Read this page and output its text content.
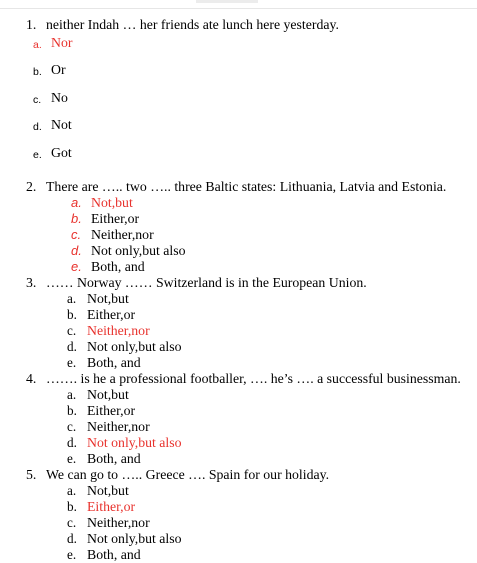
1. neither Indah … her friends ate lunch here yesterday.
a. Nor
b. Or
c. No
d. Not
e. Got
2. There are ….. two ….. three Baltic states: Lithuania, Latvia and Estonia.
a. Not,but
b. Either,or
c. Neither,nor
d. Not only,but also
e. Both, and
3. …… Norway …… Switzerland is in the European Union.
a. Not,but
b. Either,or
c. Neither,nor
d. Not only,but also
e. Both, and
4. ……. is he a professional footballer, …. he’s …. a successful businessman.
a. Not,but
b. Either,or
c. Neither,nor
d. Not only,but also
e. Both, and
5. We can go to ….. Greece …. Spain for our holiday.
a. Not,but
b. Either,or
c. Neither,nor
d. Not only,but also
e. Both, and
